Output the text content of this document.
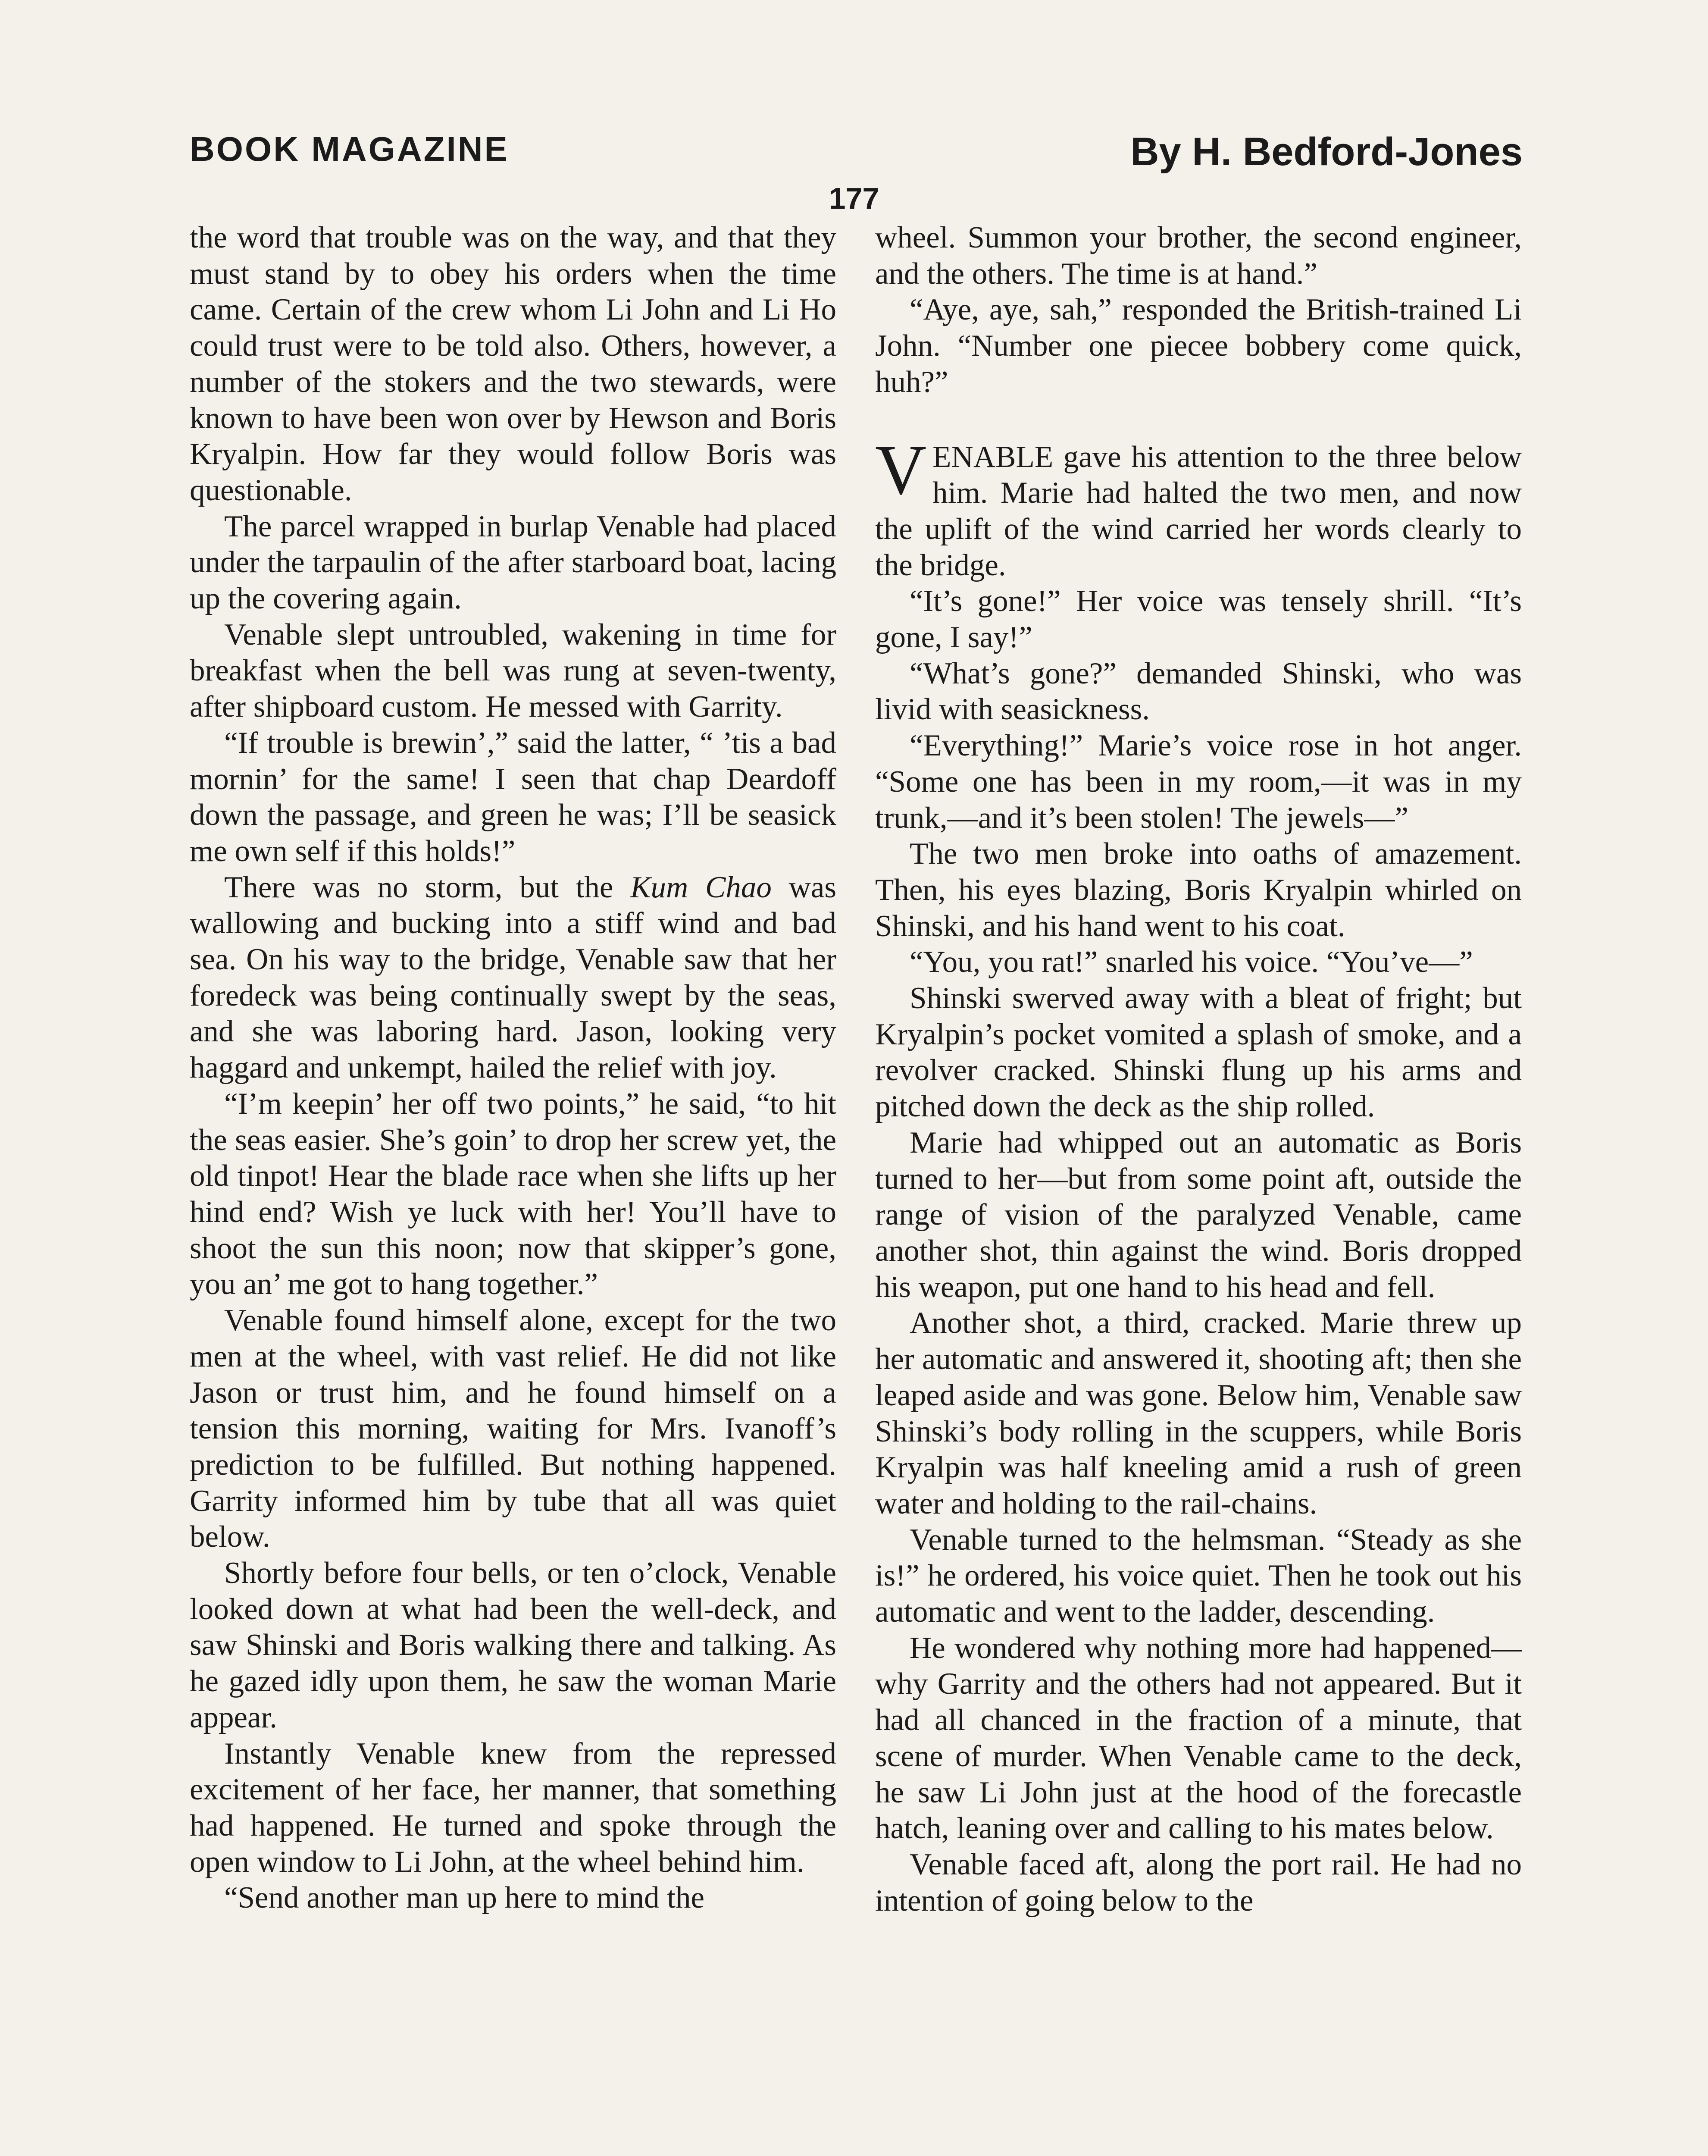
BOOK MAGAZINE	By H. Bedford-Jones
177

the word that trouble was on the way, and that they must stand by to obey his orders when the time came. Certain of the crew whom Li John and Li Ho could trust were to be told also. Others, however, a number of the stokers and the two stewards, were known to have been won over by Hewson and Boris Kryalpin. How far they would follow Boris was questionable.

The parcel wrapped in burlap Venable had placed under the tarpaulin of the after starboard boat, lacing up the covering again.

Venable slept untroubled, wakening in time for breakfast when the bell was rung at seven-twenty, after shipboard custom. He messed with Garrity.

“If trouble is brewin’,” said the latter, “ ’tis a bad mornin’ for the same! I seen that chap Deardoff down the passage, and green he was; I’ll be seasick me own self if this holds!”

There was no storm, but the Kum Chao was wallowing and bucking into a stiff wind and bad sea. On his way to the bridge, Venable saw that her foredeck was being continually swept by the seas, and she was laboring hard. Jason, looking very haggard and unkempt, hailed the relief with joy.

“I’m keepin’ her off two points,” he said, “to hit the seas easier. She’s goin’ to drop her screw yet, the old tinpot! Hear the blade race when she lifts up her hind end? Wish ye luck with her! You’ll have to shoot the sun this noon; now that skipper’s gone, you an’ me got to hang together.”

Venable found himself alone, except for the two men at the wheel, with vast relief. He did not like Jason or trust him, and he found himself on a tension this morning, waiting for Mrs. Ivanoff’s prediction to be fulfilled. But nothing happened. Garrity informed him by tube that all was quiet below.

Shortly before four bells, or ten o’clock, Venable looked down at what had been the well-deck, and saw Shinski and Boris walking there and talking. As he gazed idly upon them, he saw the woman Marie appear.

Instantly Venable knew from the repressed excitement of her face, her manner, that something had happened. He turned and spoke through the open window to Li John, at the wheel behind him.

“Send another man up here to mind the

wheel. Summon your brother, the second engineer, and the others. The time is at hand.”

“Aye, aye, sah,” responded the British-trained Li John. “Number one piecee bobbery come quick, huh?”

VENABLE gave his attention to the three below him. Marie had halted the two men, and now the uplift of the wind carried her words clearly to the bridge.

“It’s gone!” Her voice was tensely shrill. “It’s gone, I say!”

“What’s gone?” demanded Shinski, who was livid with seasickness.

“Everything!” Marie’s voice rose in hot anger. “Some one has been in my room,—it was in my trunk,—and it’s been stolen! The jewels—”

The two men broke into oaths of amazement. Then, his eyes blazing, Boris Kryalpin whirled on Shinski, and his hand went to his coat.

“You, you rat!” snarled his voice. “You’ve—”

Shinski swerved away with a bleat of fright; but Kryalpin’s pocket vomited a splash of smoke, and a revolver cracked. Shinski flung up his arms and pitched down the deck as the ship rolled.

Marie had whipped out an automatic as Boris turned to her—but from some point aft, outside the range of vision of the paralyzed Venable, came another shot, thin against the wind. Boris dropped his weapon, put one hand to his head and fell.

Another shot, a third, cracked. Marie threw up her automatic and answered it, shooting aft; then she leaped aside and was gone. Below him, Venable saw Shinski’s body rolling in the scuppers, while Boris Kryalpin was half kneeling amid a rush of green water and holding to the rail-chains.

Venable turned to the helmsman. “Steady as she is!” he ordered, his voice quiet. Then he took out his automatic and went to the ladder, descending.

He wondered why nothing more had happened—why Garrity and the others had not appeared. But it had all chanced in the fraction of a minute, that scene of murder. When Venable came to the deck, he saw Li John just at the hood of the forecastle hatch, leaning over and calling to his mates below.

Venable faced aft, along the port rail. He had no intention of going below to the
